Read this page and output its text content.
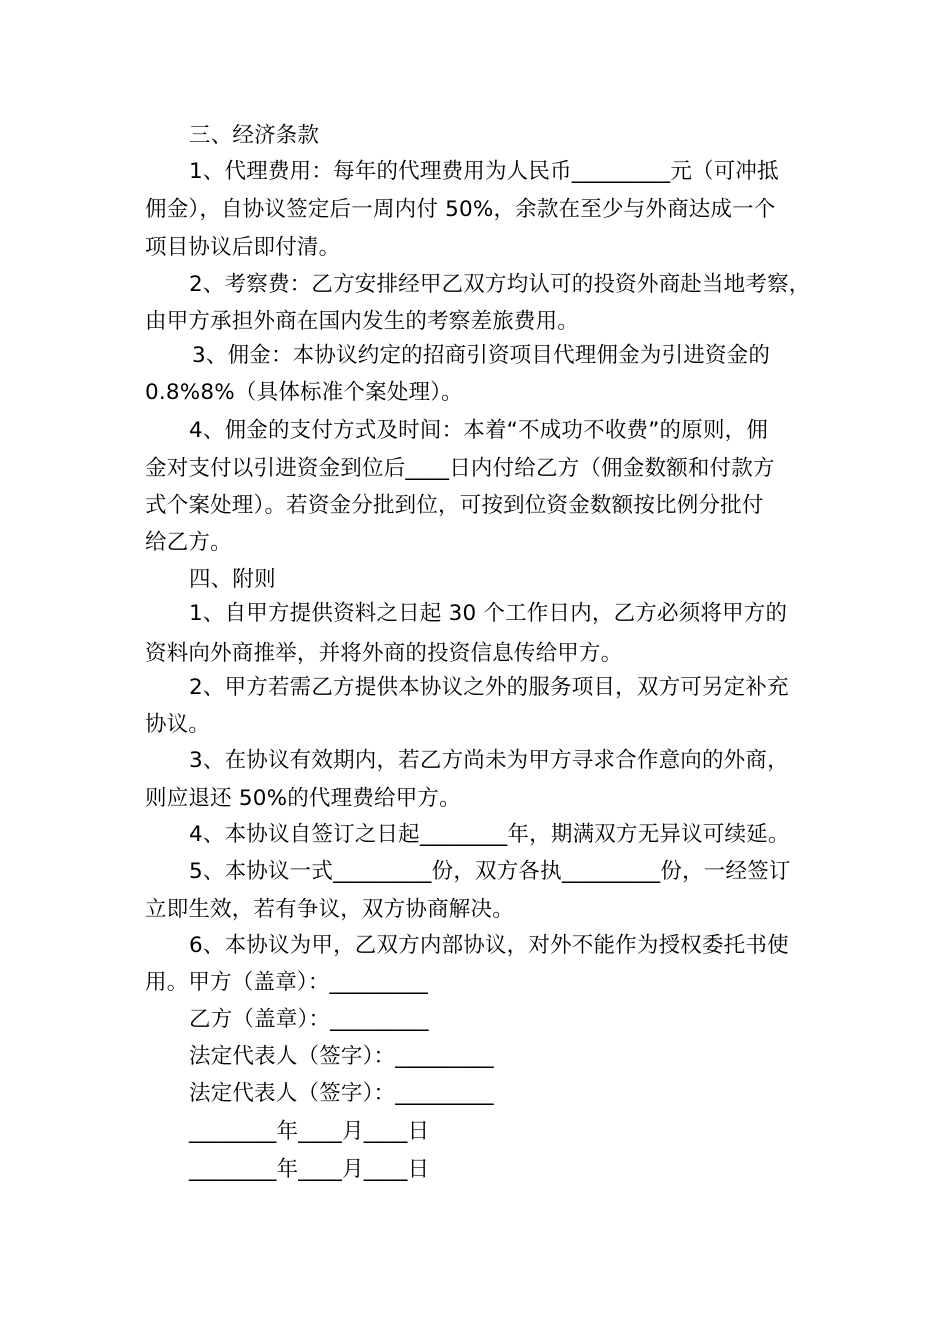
三、经济条款
1、代理费用：每年的代理费用为人民币_________元（可冲抵
佣金），自协议签定后一周内付 50%，余款在至少与外商达成一个
项目协议后即付清。
2、考察费：乙方安排经甲乙双方均认可的投资外商赴当地考察，
由甲方承担外商在国内发生的考察差旅费用。
3、佣金：本协议约定的招商引资项目代理佣金为引进资金的
0.8%8%（具体标准个案处理）。
4、佣金的支付方式及时间：本着“不成功不收费”的原则，佣
金对支付以引进资金到位后____日内付给乙方（佣金数额和付款方
式个案处理）。若资金分批到位，可按到位资金数额按比例分批付
给乙方。
四、附则
1、自甲方提供资料之日起 30 个工作日内，乙方必须将甲方的
资料向外商推举，并将外商的投资信息传给甲方。
2、甲方若需乙方提供本协议之外的服务项目，双方可另定补充
协议。
3、在协议有效期内，若乙方尚未为甲方寻求合作意向的外商，
则应退还 50%的代理费给甲方。
4、本协议自签订之日起________年，期满双方无异议可续延。
5、本协议一式_________份，双方各执_________份，一经签订
立即生效，若有争议，双方协商解决。
6、本协议为甲，乙双方内部协议，对外不能作为授权委托书使
用。甲方（盖章）：_________
乙方（盖章）：_________
法定代表人（签字）：_________
法定代表人（签字）：_________
________年____月____日
________年____月____日
